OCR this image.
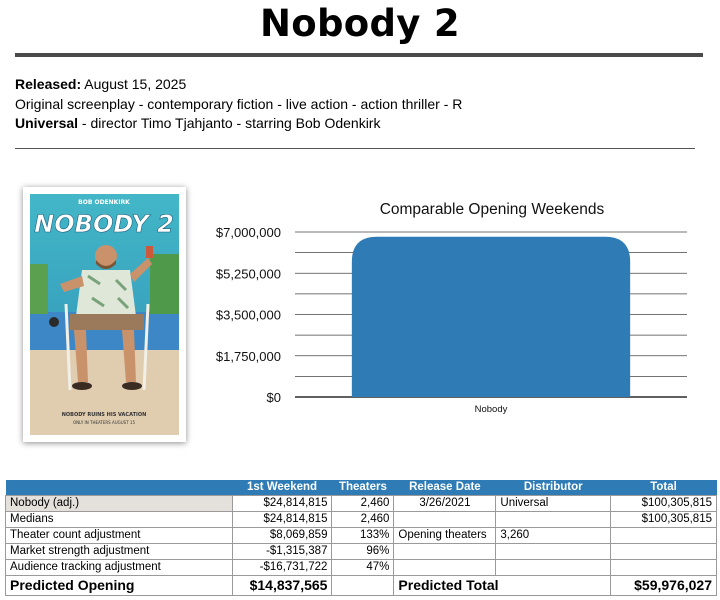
Nobody 2
Released: August 15, 2025
Original screenplay - contemporary fiction - live action - action thriller - R
Universal - director Timo Tjahjanto - starring Bob Odenkirk
BOB ODENKIRK
NOBODY 2
NOBODY RUINS HIS VACATION
ONLY IN THEATERS AUGUST 15
Comparable Opening Weekends
$0
$1,750,000
$3,500,000
$5,250,000
$7,000,000
Nobody
	1st Weekend	Theaters	Release Date	Distributor	Total
Nobody (adj.)	$24,814,815	2,460	3/26/2021	Universal	$100,305,815
Medians	$24,814,815	2,460			$100,305,815
Theater count adjustment	$8,069,859	133%	Opening theaters	3,260	
Market strength adjustment	-$1,315,387	96%			
Audience tracking adjustment	-$16,731,722	47%			
Predicted Opening	$14,837,565		Predicted Total		$59,976,027
